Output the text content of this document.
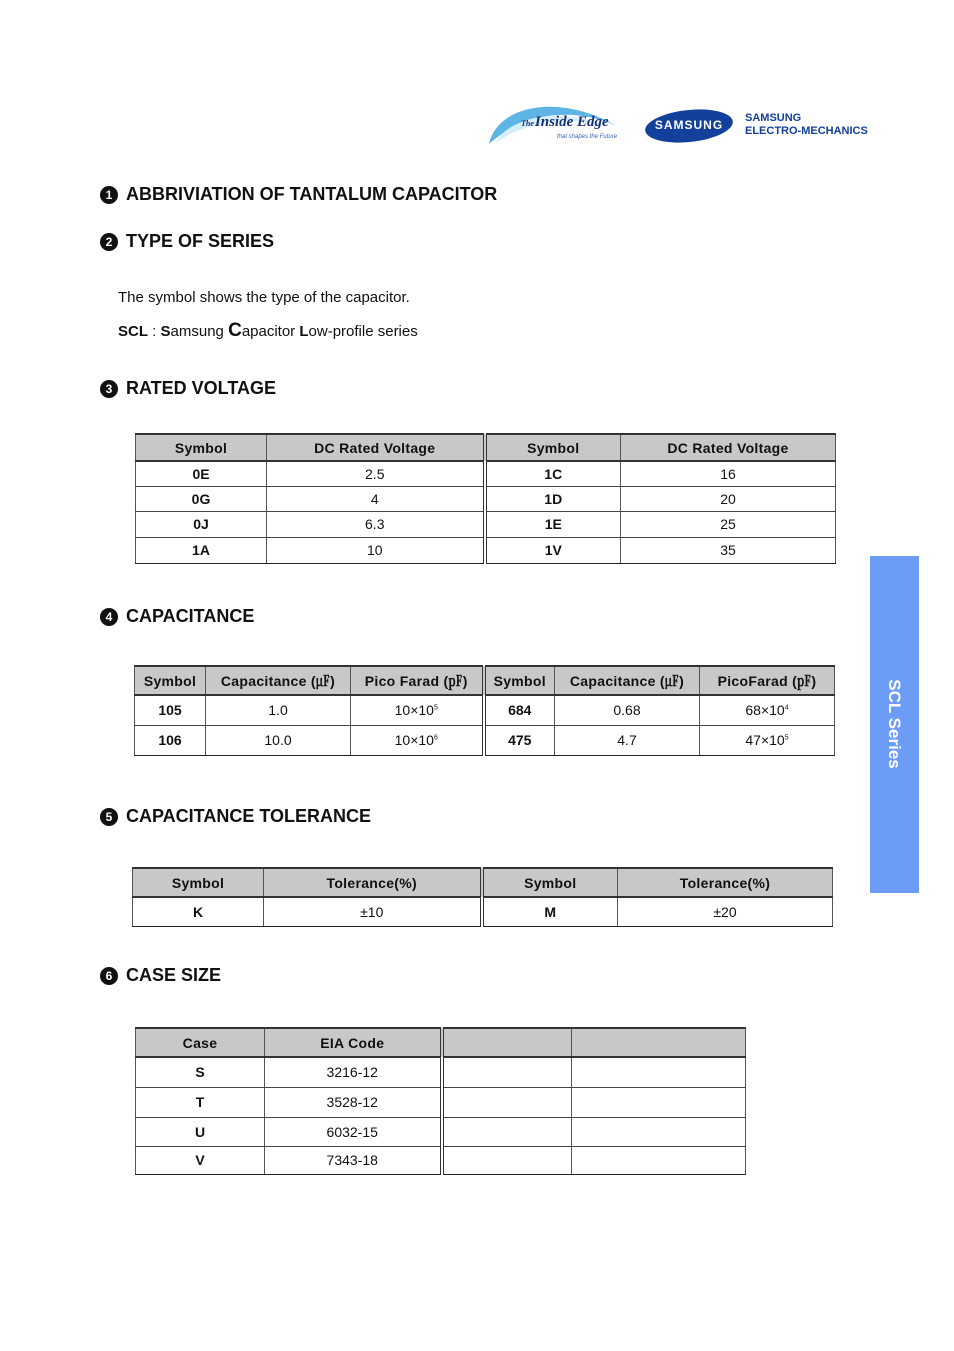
TheInside Edge
that shapes the Future
SAMSUNG	SAMSUNG
ELECTRO-MECHANICS
1 ABBRIVIATION OF TANTALUM CAPACITOR
2 TYPE OF SERIES
The symbol shows the type of the capacitor.
SCL : Samsung Capacitor Low-profile series
3 RATED VOLTAGE
Symbol	DC Rated Voltage	Symbol	DC Rated Voltage
0E	2.5	1C	16
0G	4	1D	20
0J	6.3	1E	25
1A	10	1V	35
4 CAPACITANCE
Symbol	Capacitance (㎌)	Pico Farad (㎊)	Symbol	Capacitance (㎌)	PicoFarad (㎊)
105	1.0	$10\times 10^5$	684	0.68	$68\times 10^4$
106	10.0	$10\times 10^6$	475	4.7	$47\times 10^5$
5 CAPACITANCE TOLERANCE
Symbol	Tolerance(%)	Symbol	Tolerance(%)
K	±10	M	±20
6 CASE SIZE
Case	EIA Code		
S	3216-12		
T	3528-12		
U	6032-15		
V	7343-18		
SCL Series
